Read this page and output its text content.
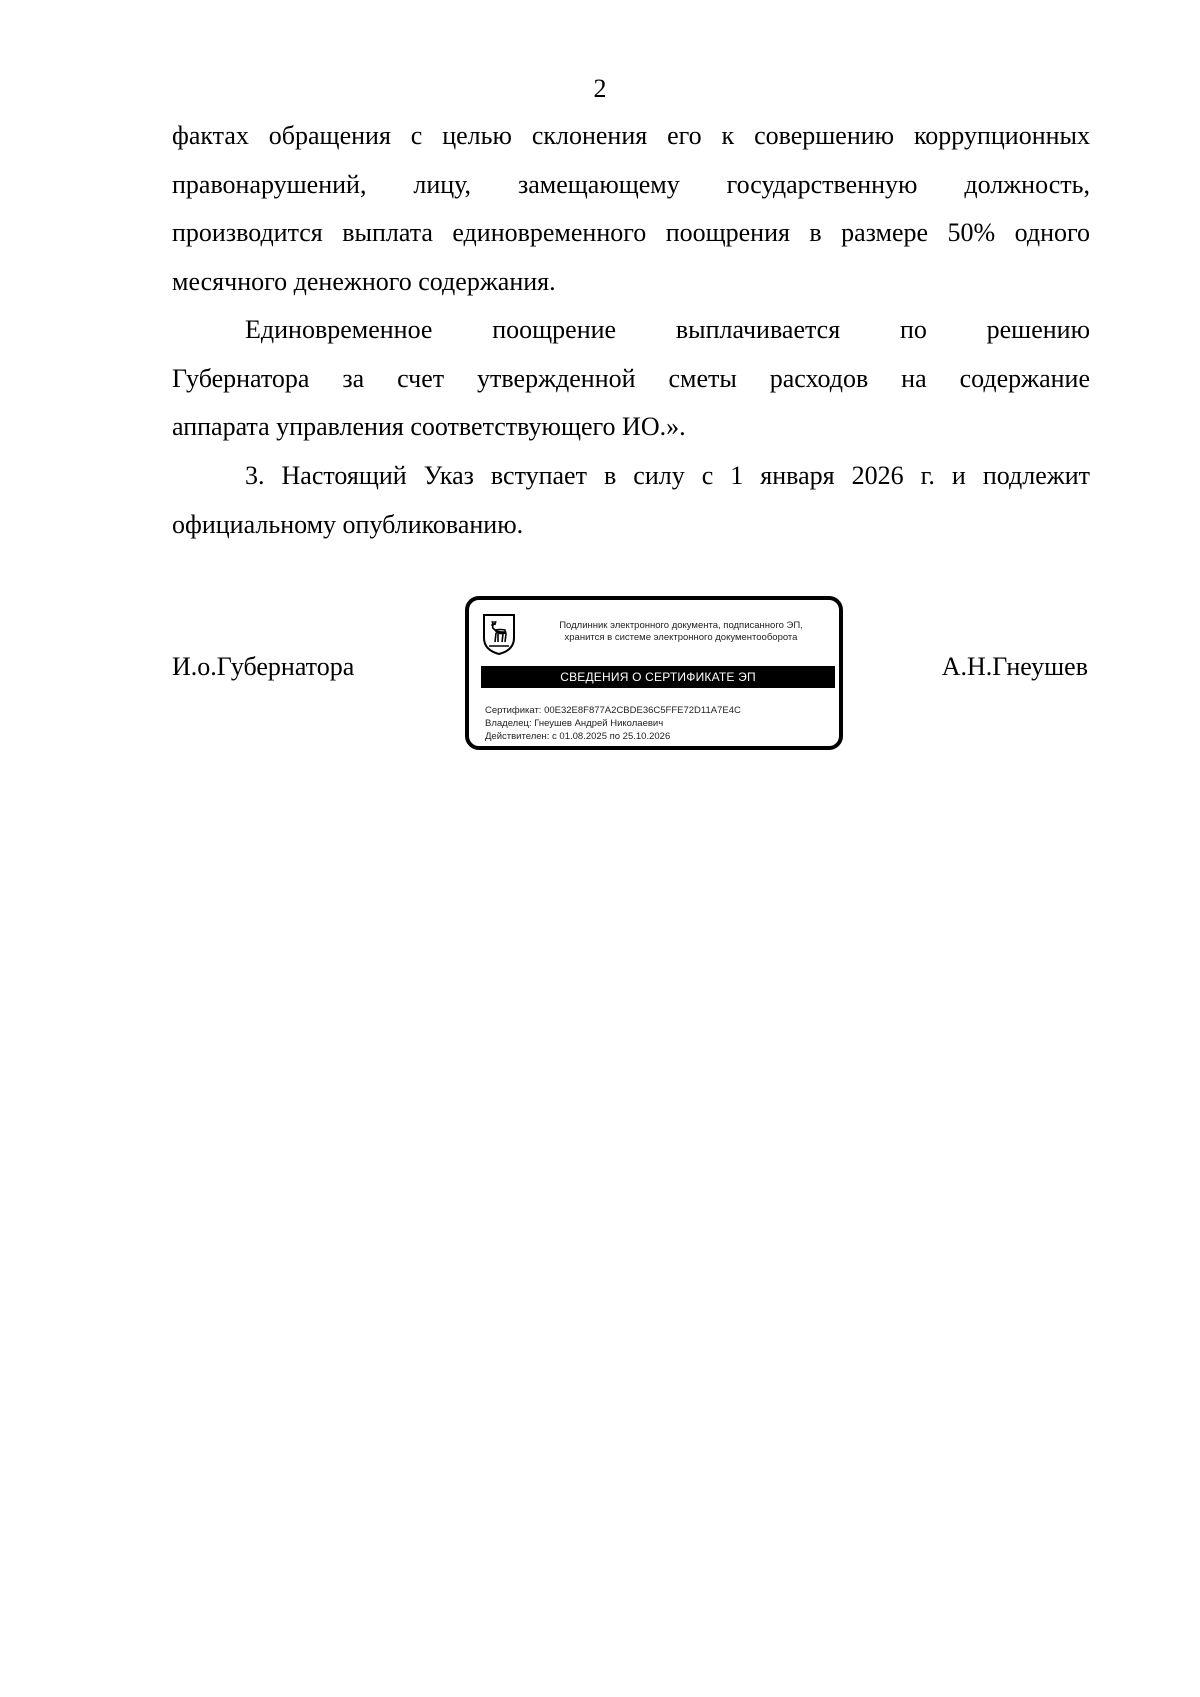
2
фактах обращения с целью склонения его к совершению коррупционных
правонарушений, лицу, замещающему государственную должность,
производится выплата единовременного поощрения в размере 50% одного
месячного денежного содержания.
Единовременное поощрение выплачивается по решению
Губернатора за счет утвержденной сметы расходов на содержание
аппарата управления соответствующего ИО.».
3. Настоящий Указ вступает в силу с 1 января 2026 г. и подлежит
официальному опубликованию.
И.о.Губернатора
Подлинник электронного документа, подписанного ЭП,
хранится в системе электронного документооборота
СВЕДЕНИЯ О СЕРТИФИКАТЕ ЭП
Сертификат: 00E32E8F877A2CBDE36C5FFE72D11A7E4C
Владелец: Гнеушев Андрей Николаевич
Действителен: с 01.08.2025 по 25.10.2026
А.Н.Гнеушев
